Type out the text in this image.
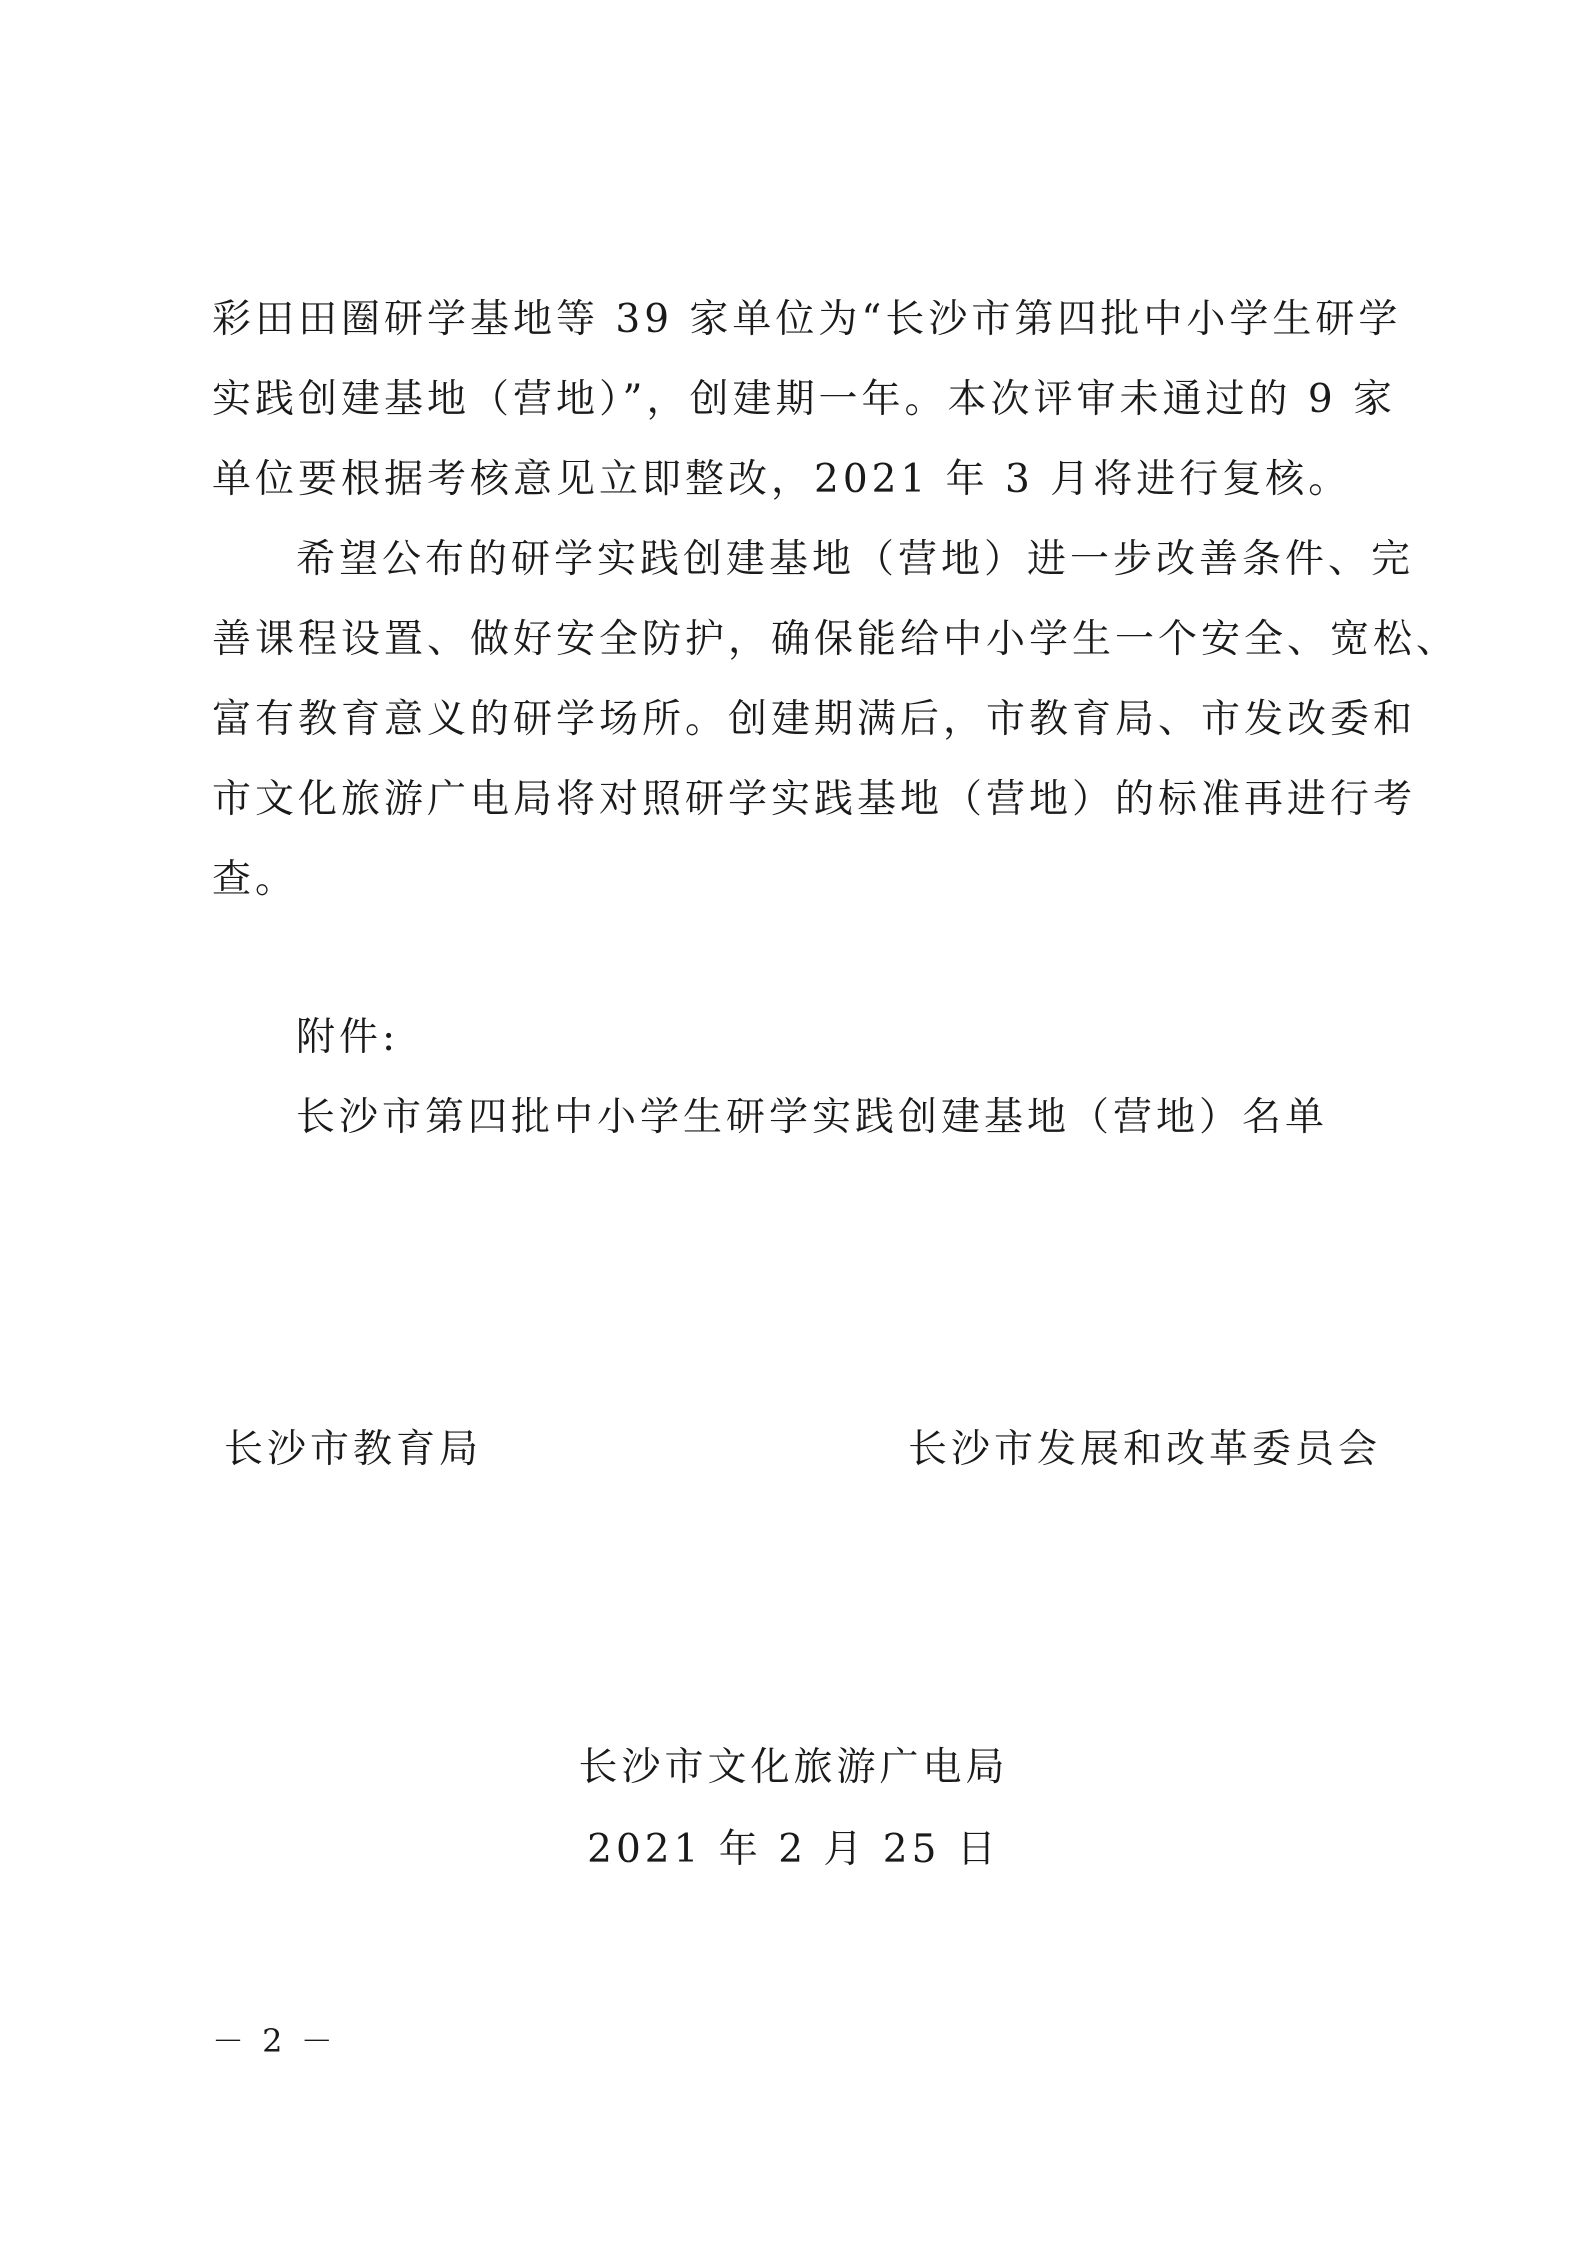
彩田田圈研学基地等 39 家单位为“长沙市第四批中小学生研学
实践创建基地（营地）”，创建期一年。本次评审未通过的 9 家
单位要根据考核意见立即整改，2021 年 3 月将进行复核。
希望公布的研学实践创建基地（营地）进一步改善条件、完
善课程设置、做好安全防护，确保能给中小学生一个安全、宽松、
富有教育意义的研学场所。创建期满后，市教育局、市发改委和
市文化旅游广电局将对照研学实践基地（营地）的标准再进行考
查。
附件:
长沙市第四批中小学生研学实践创建基地（营地）名单
长沙市教育局	长沙市发展和改革委员会
长沙市文化旅游广电局
2021 年 2 月 25 日
－ 2 －
